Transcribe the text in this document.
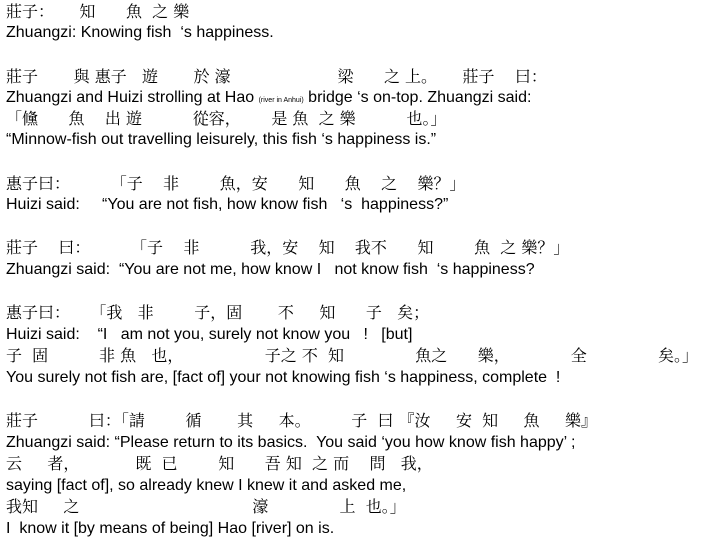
莊子：     知      魚  之 樂
Zhuangzi: Knowing fish  ‘s happiness.
莊子       與 惠子   遊       於 濠                     梁      之 上。     莊子    曰：
Zhuangzi and Huizi strolling at Hao (river in Anhui) bridge ‘s on-top. Zhuangzi said:
「儵      魚    出 遊          從容，      是 魚  之 樂          也。」
“Minnow-fish out travelling leisurely, this fish ‘s happiness is.”
惠子曰：        「子    非        魚，安      知      魚    之    樂？」
Huizi said:     “You are not fish, how know fish   ‘s  happiness?”
莊子    曰：        「子    非          我，安    知    我不      知        魚  之 樂？」
Zhuangzi said:  “You are not me, how know I   not know fish  ‘s happiness?
惠子曰：    「我   非        子，固       不     知      子   矣；
Huizi said:    “I   am not you, surely not know you   !   [but]
子  固          非 魚   也，                子之 不  知              魚之      樂，            全              矣。」
You surely not fish are, [fact of] your not knowing fish ‘s happiness, complete  !
莊子          曰：「請        循       其     本。        子  曰 『汝     安  知     魚     樂』
Zhuangzi said: “Please return to its basics.  You said ‘you how know fish happy’ ;
云     者，           既  已        知      吾 知  之 而    問   我，
saying [fact of], so already knew I knew it and asked me,
我知     之                                  濠              上  也。」
I  know it [by means of being] Hao [river] on is.
